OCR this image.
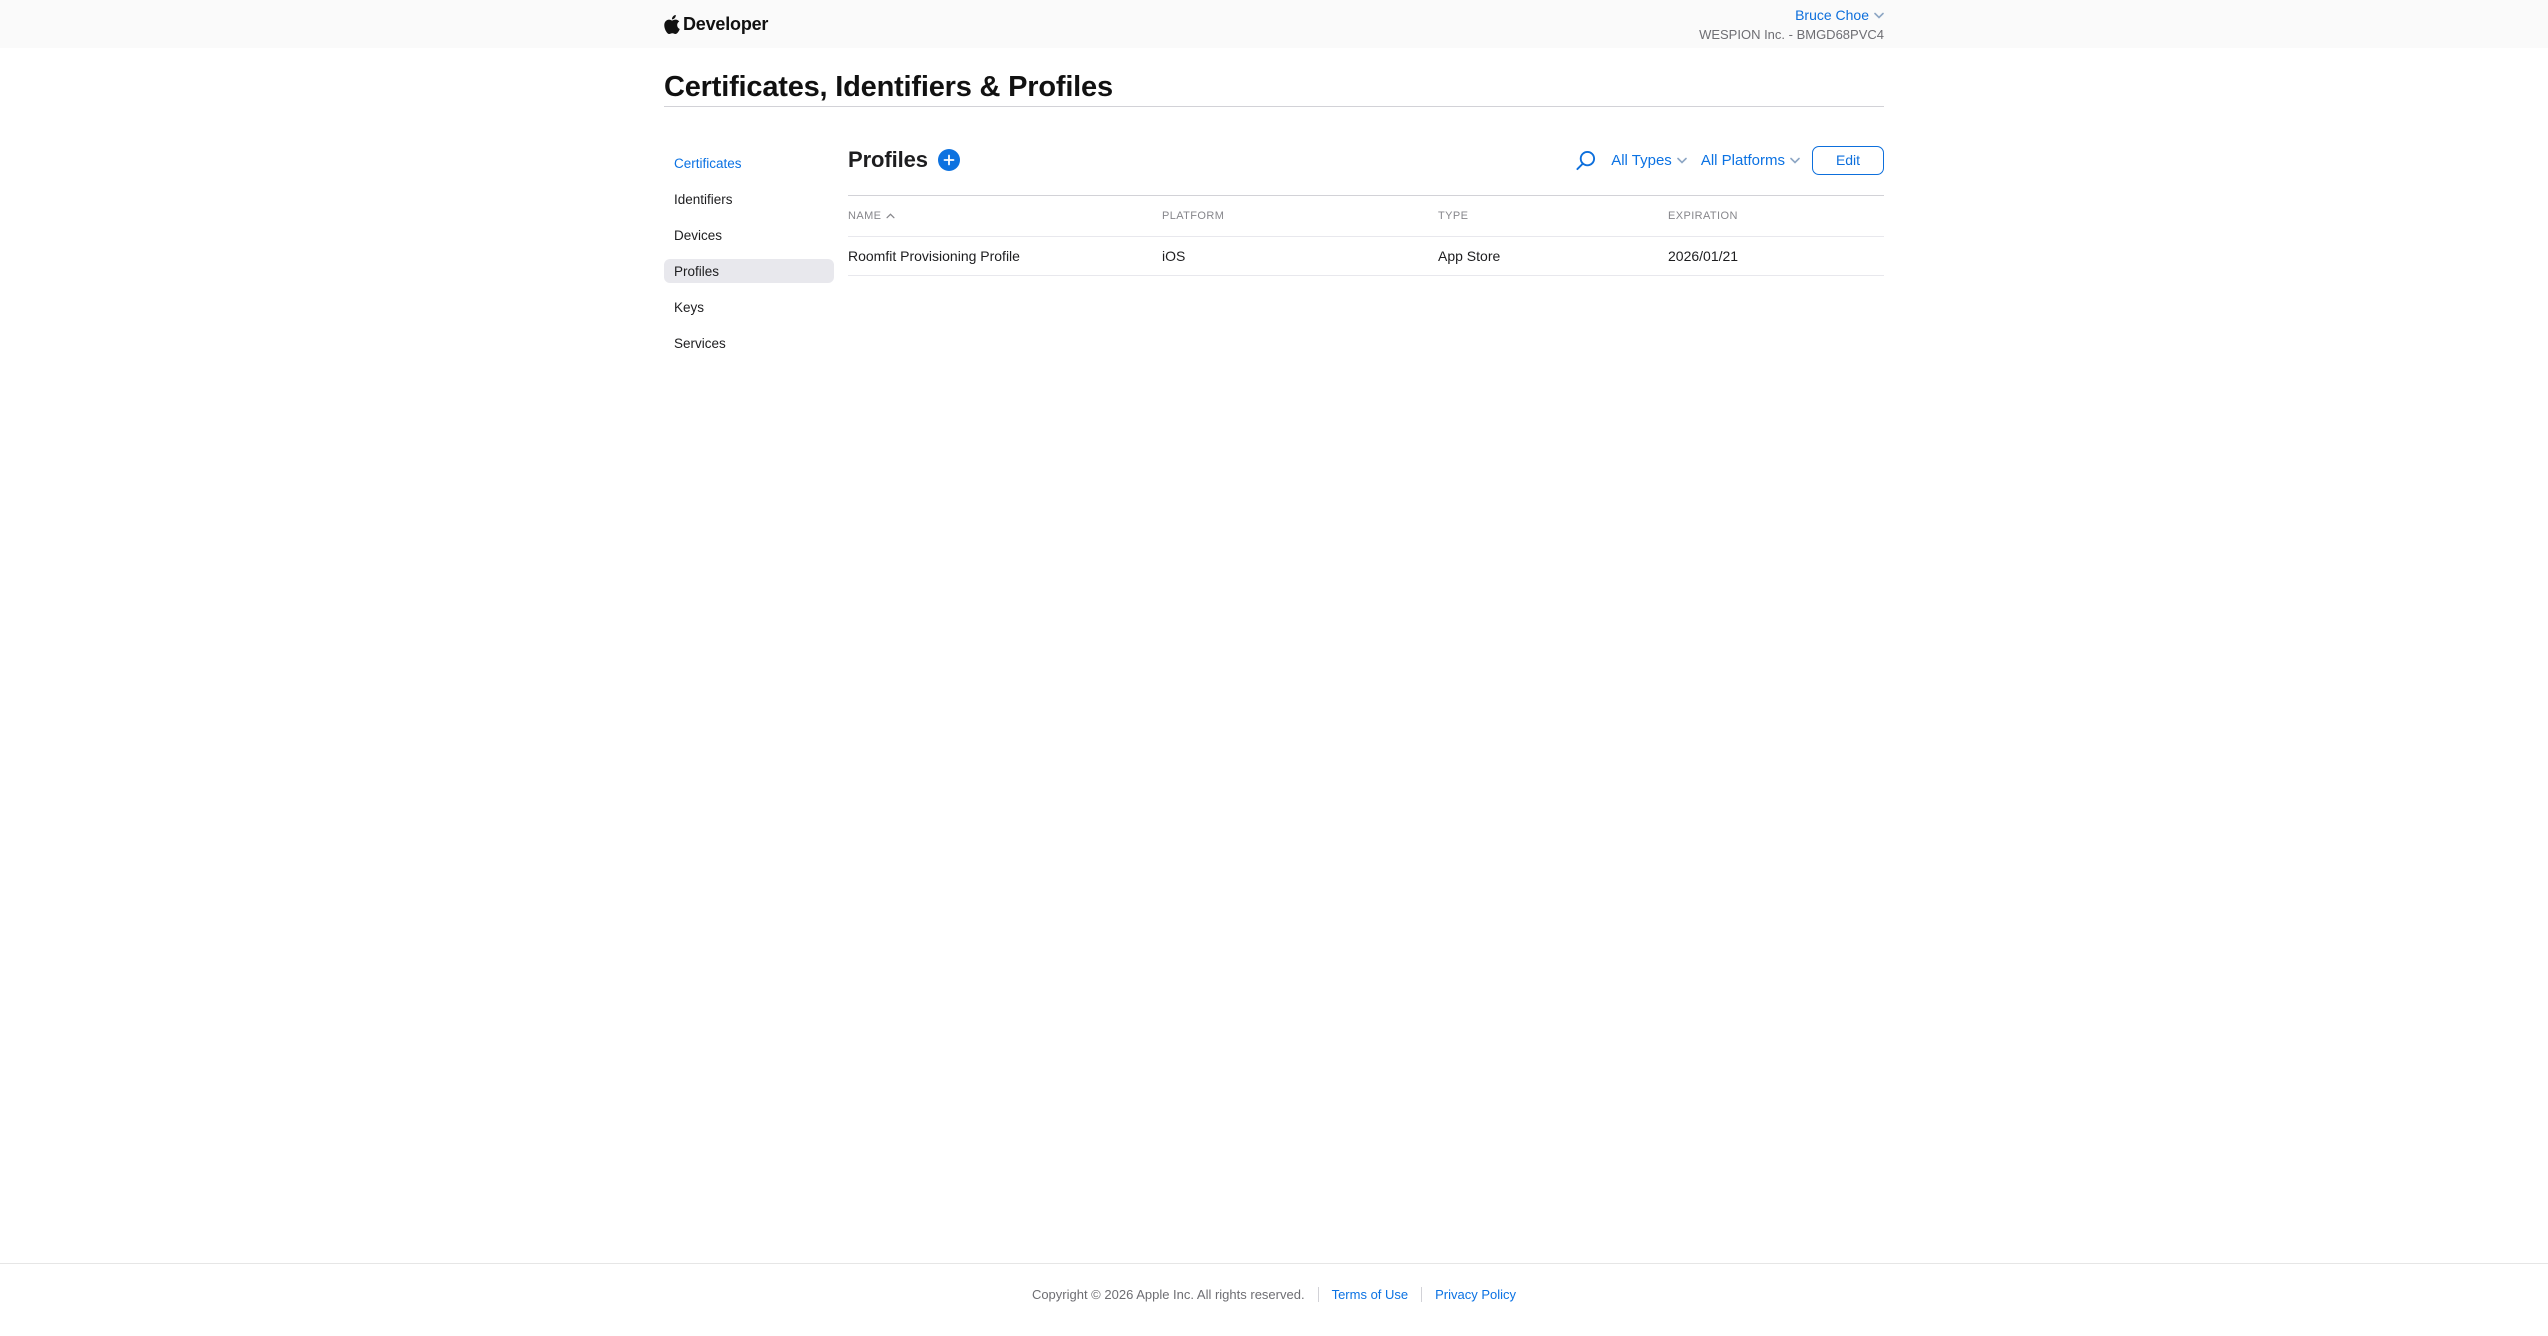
Developer	Bruce Choe
WESPION Inc. - BMGD68PVC4
Certificates, Identifiers & Profiles
Certificates
Identifiers
Devices
Profiles
Keys
Services
Profiles	All Types All Platforms	Edit
NAME	PLATFORM	TYPE	EXPIRATION
Roomfit Provisioning Profile	iOS	App Store	2026/01/21
Copyright © 2026 Apple Inc. All rights reserved. Terms of Use Privacy Policy
